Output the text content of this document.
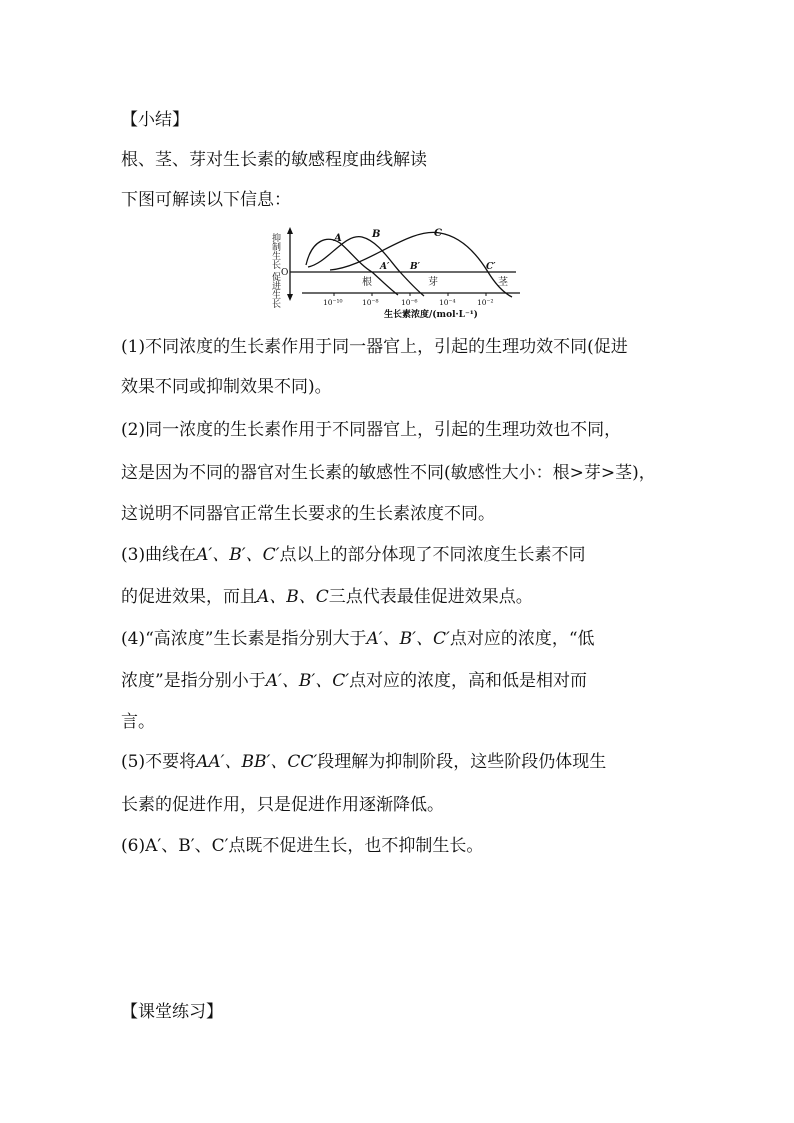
【小结】
根、茎、芽对生长素的敏感程度曲线解读
下图可解读以下信息：
抑制生长 促进生长 O
A	B	C
A′ B′	C′
根	芽	茎
10⁻¹⁰	10⁻⁸	10⁻⁶	10⁻⁴	10⁻²
生长素浓度/(mol·L⁻¹)
(1)不同浓度的生长素作用于同一器官上，引起的生理功效不同(促进
效果不同或抑制效果不同)。
(2)同一浓度的生长素作用于不同器官上，引起的生理功效也不同，
这是因为不同的器官对生长素的敏感性不同(敏感性大小：根>芽>茎)，
这说明不同器官正常生长要求的生长素浓度不同。
(3)曲线在A′、B′、C′点以上的部分体现了不同浓度生长素不同
的促进效果，而且A、B、C三点代表最佳促进效果点。
(4)“高浓度”生长素是指分别大于A′、B′、C′点对应的浓度，“低
浓度”是指分别小于A′、B′、C′点对应的浓度，高和低是相对而
言。
(5)不要将AA′、BB′、CC′段理解为抑制阶段，这些阶段仍体现生
长素的促进作用，只是促进作用逐渐降低。
(6)A′、B′、C′点既不促进生长，也不抑制生长。
【课堂练习】
